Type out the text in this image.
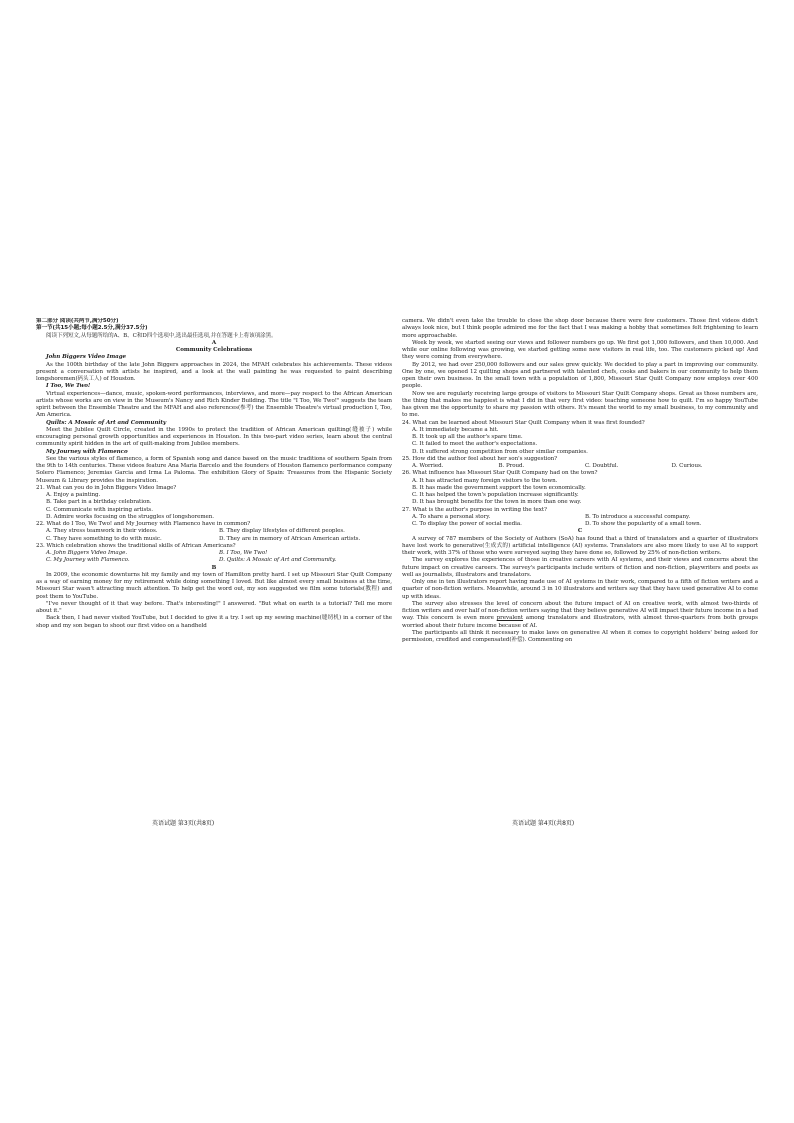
第二部分 阅读(共两节,满分50分)

第一节(共15小题;每小题2.5分,满分37.5分)

阅读下列短文,从每题所给的A、B、C和D四个选项中,选出最佳选项,并在答题卡上将该项涂黑。

A

Community Celebrations

John Biggers Video Image

As the 100th birthday of the late John Biggers approaches in 2024, the MFAH celebrates his achievements. These videos present a conversation with artists he inspired, and a look at the wall painting he was requested to paint describing longshoremen(码头工人) of Houston.

I Too, We Two!

Virtual experiences—dance, music, spoken-word performances, interviews, and more—pay respect to the African American artists whose works are on view in the Museum's Nancy and Rich Kinder Building. The title "I Too, We Two!" suggests the team spirit between the Ensemble Theatre and the MFAH and also references(参考) the Ensemble Theatre's virtual production I, Too, Am America.

Quilts: A Mosaic of Art and Community

Meet the Jubilee Quilt Circle, created in the 1990s to protect the tradition of African American quilting(缝被子) while encouraging personal growth opportunities and experiences in Houston. In this two-part video series, learn about the central community spirit hidden in the art of quilt-making from Jubilee members.

My Journey with Flamenco

See the various styles of flamenco, a form of Spanish song and dance based on the music traditions of southern Spain from the 9th to 14th centuries. These videos feature Ana Maria Barcelo and the founders of Houston flamenco performance company Solero Flamenco; Jeremias Garcia and Irma La Paloma. The exhibition Glory of Spain: Treasures from the Hispanic Society Museum & Library provides the inspiration.

21. What can you do in John Biggers Video Image?

A. Enjoy a painting.

B. Take part in a birthday celebration.

C. Communicate with inspiring artists.

D. Admire works focusing on the struggles of longshoremen.

22. What do I Too, We Two! and My Journey with Flamenco have in common?

A. They stress teamwork in their videos.	B. They display lifestyles of different peoples.
C. They have something to do with music.	D. They are in memory of African American artists.

23. Which celebration shows the traditional skills of African Americans?

A. John Biggers Video Image.	B. I Too, We Two!
C. My Journey with Flamenco.	D. Quilts: A Mosaic of Art and Community.

B

In 2009, the economic downturns hit my family and my town of Hamilton pretty hard. I set up Missouri Star Quilt Company as a way of earning money for my retirement while doing something I loved. But like almost every small business at the time, Missouri Star wasn't attracting much attention. To help get the word out, my son suggested we film some tutorials(教程) and post them to YouTube.

"I've never thought of it that way before. That's interesting!" I answered. "But what on earth is a tutorial? Tell me more about it."

Back then, I had never visited YouTube, but I decided to give it a try. I set up my sewing machine(缝纫机) in a corner of the shop and my son began to shoot our first video on a handheld

camera. We didn't even take the trouble to close the shop door because there were few customers. Those first videos didn't always look nice, but I think people admired me for the fact that I was making a hobby that sometimes felt frightening to learn more approachable.

Week by week, we started seeing our views and follower numbers go up. We first got 1,000 followers, and then 10,000. And while our online following was growing, we started getting some new visitors in real life, too. The customers picked up! And they were coming from everywhere.

By 2012, we had over 250,000 followers and our sales grew quickly. We decided to play a part in improving our community. One by one, we opened 12 quilting shops and partnered with talented chefs, cooks and bakers in our community to help them open their own business. In the small town with a population of 1,800, Missouri Star Quilt Company now employs over 400 people.

Now we are regularly receiving large groups of visitors to Missouri Star Quilt Company shops. Great as those numbers are, the thing that makes me happiest is what I did in that very first video: teaching someone how to quilt. I'm so happy YouTube has given me the opportunity to share my passion with others. It's meant the world to my small business, to my community and to me.

24. What can be learned about Missouri Star Quilt Company when it was first founded?

A. It immediately became a hit.

B. It took up all the author's spare time.

C. It failed to meet the author's expectations.

D. It suffered strong competition from other similar companies.

25. How did the author feel about her son's suggestion?

A. Worried.	B. Proud.	C. Doubtful.	D. Curious.

26. What influence has Missouri Star Quilt Company had on the town?

A. It has attracted many foreign visitors to the town.

B. It has made the government support the town economically.

C. It has helped the town's population increase significantly.

D. It has brought benefits for the town in more than one way.

27. What is the author's purpose in writing the text?

A. To share a personal story.	B. To introduce a successful company.
C. To display the power of social media.	D. To show the popularity of a small town.

C

A survey of 787 members of the Society of Authors (SoA) has found that a third of translators and a quarter of illustrators have lost work to generative(生成式的) artificial intelligence (AI) systems. Translators are also more likely to use AI to support their work, with 37% of those who were surveyed saying they have done so, followed by 25% of non-fiction writers.

The survey explores the experiences of those in creative careers with AI systems, and their views and concerns about the future impact on creative careers. The survey's participants include writers of fiction and non-fiction, playwriters and poets as well as journalists, illustrators and translators.

Only one in ten illustrators report having made use of AI systems in their work, compared to a fifth of fiction writers and a quarter of non-fiction writers. Meanwhile, around 3 in 10 illustrators and writers say that they have used generative AI to come up with ideas.

The survey also stresses the level of concern about the future impact of AI on creative work, with almost two-thirds of fiction writers and over half of non-fiction writers saying that they believe generative AI will impact their future income in a bad way. This concern is even more prevalent among translators and illustrators, with almost three-quarters from both groups worried about their future income because of AI.

The participants all think it necessary to make laws on generative AI when it comes to copyright holders' being asked for permission, credited and compensated(补偿). Commenting on

英语试题 第3页(共8页)	英语试题 第4页(共8页)
